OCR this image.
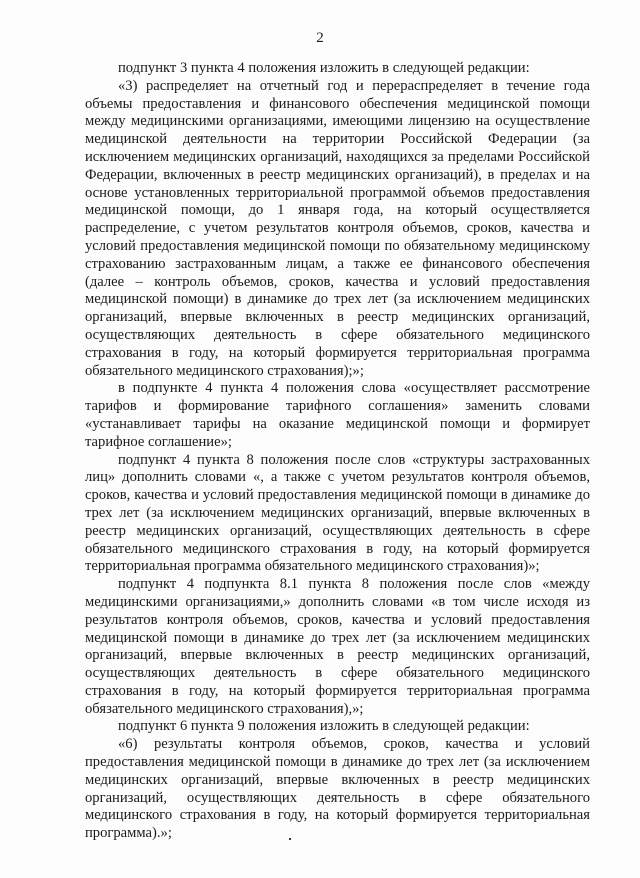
2

подпункт 3 пункта 4 положения изложить в следующей редакции:

«3) распределяет на отчетный год и перераспределяет в течение года объемы предоставления и финансового обеспечения медицинской помощи между медицинскими организациями, имеющими лицензию на осуществление медицинской деятельности на территории Российской Федерации (за исключением медицинских организаций, находящихся за пределами Российской Федерации, включенных в реестр медицинских организаций), в пределах и на основе установленных территориальной программой объемов предоставления медицинской помощи, до 1 января года, на который осуществляется распределение, с учетом результатов контроля объемов, сроков, качества и условий предоставления медицинской помощи по обязательному медицинскому страхованию застрахованным лицам, а также ее финансового обеспечения (далее – контроль объемов, сроков, качества и условий предоставления медицинской помощи) в динамике до трех лет (за исключением медицинских организаций, впервые включенных в реестр медицинских организаций, осуществляющих деятельность в сфере обязательного медицинского страхования в году, на который формируется территориальная программа обязательного медицинского страхования);»;

в подпункте 4 пункта 4 положения слова «осуществляет рассмотрение тарифов и формирование тарифного соглашения» заменить словами «устанавливает тарифы на оказание медицинской помощи и формирует тарифное соглашение»;

подпункт 4 пункта 8 положения после слов «структуры застрахованных лиц» дополнить словами «, а также с учетом результатов контроля объемов, сроков, качества и условий предоставления медицинской помощи в динамике до трех лет (за исключением медицинских организаций, впервые включенных в реестр медицинских организаций, осуществляющих деятельность в сфере обязательного медицинского страхования в году, на который формируется территориальная программа обязательного медицинского страхования)»;

подпункт 4 подпункта 8.1 пункта 8 положения после слов «между медицинскими организациями,» дополнить словами «в том числе исходя из результатов контроля объемов, сроков, качества и условий предоставления медицинской помощи в динамике до трех лет (за исключением медицинских организаций, впервые включенных в реестр медицинских организаций, осуществляющих деятельность в сфере обязательного медицинского страхования в году, на который формируется территориальная программа обязательного медицинского страхования),»;

подпункт 6 пункта 9 положения изложить в следующей редакции:

«6) результаты контроля объемов, сроков, качества и условий предоставления медицинской помощи в динамике до трех лет (за исключением медицинских организаций, впервые включенных в реестр медицинских организаций, осуществляющих деятельность в сфере обязательного медицинского страхования в году, на который формируется территориальная программа).»;
